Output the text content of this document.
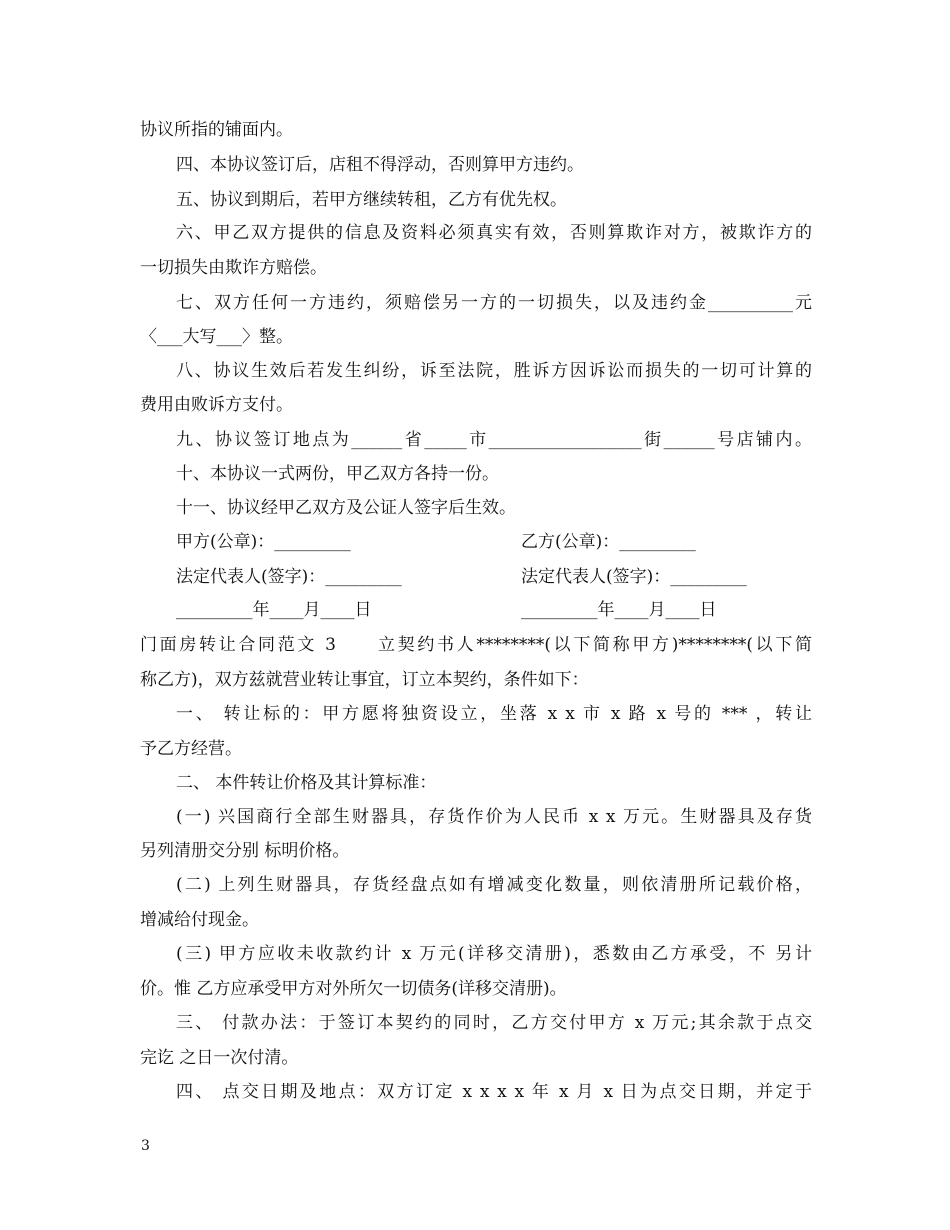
协议所指的铺面内。
四、本协议签订后，店租不得浮动，否则算甲方违约。
五、协议到期后，若甲方继续转租，乙方有优先权。
六、甲乙双方提供的信息及资料必须真实有效，否则算欺诈对方，被欺诈方的
一切损失由欺诈方赔偿。
七、双方任何一方违约，须赔偿另一方的一切损失，以及违约金__________元
〈___大写___〉整。
八、协议生效后若发生纠纷，诉至法院，胜诉方因诉讼而损失的一切可计算的
费用由败诉方支付。
九、协议签订地点为______省_____市__________________街______号店铺内。
十、本协议一式两份，甲乙双方各持一份。
十一、协议经甲乙双方及公证人签字后生效。
甲方(公章)：_________	乙方(公章)：_________
法定代表人(签字)：_________	法定代表人(签字)：_________
_________年____月____日	_________年____月____日
门面房转让合同范文 3　　立契约书人********(以下简称甲方)********(以下简
称乙方)，双方兹就营业转让事宜，订立本契约，条件如下：
一、 转让标的：甲方愿将独资设立，坐落 x x 市 x 路 x 号的 *** ，转让
予乙方经营。
二、 本件转让价格及其计算标准：
(一) 兴国商行全部生财器具，存货作价为人民币 x x 万元。生财器具及存货
另列清册交分别 标明价格。
(二) 上列生财器具，存货经盘点如有增减变化数量，则依清册所记载价格，
增减给付现金。
(三) 甲方应收未收款约计 x 万元(详移交清册)，悉数由乙方承受，不 另计
价。惟 乙方应承受甲方对外所欠一切债务(详移交清册)。
三、 付款办法：于签订本契约的同时，乙方交付甲方 x 万元;其余款于点交
完讫 之日一次付清。
四、 点交日期及地点：双方订定 x x x x 年 x 月 x 日为点交日期，并定于
3
